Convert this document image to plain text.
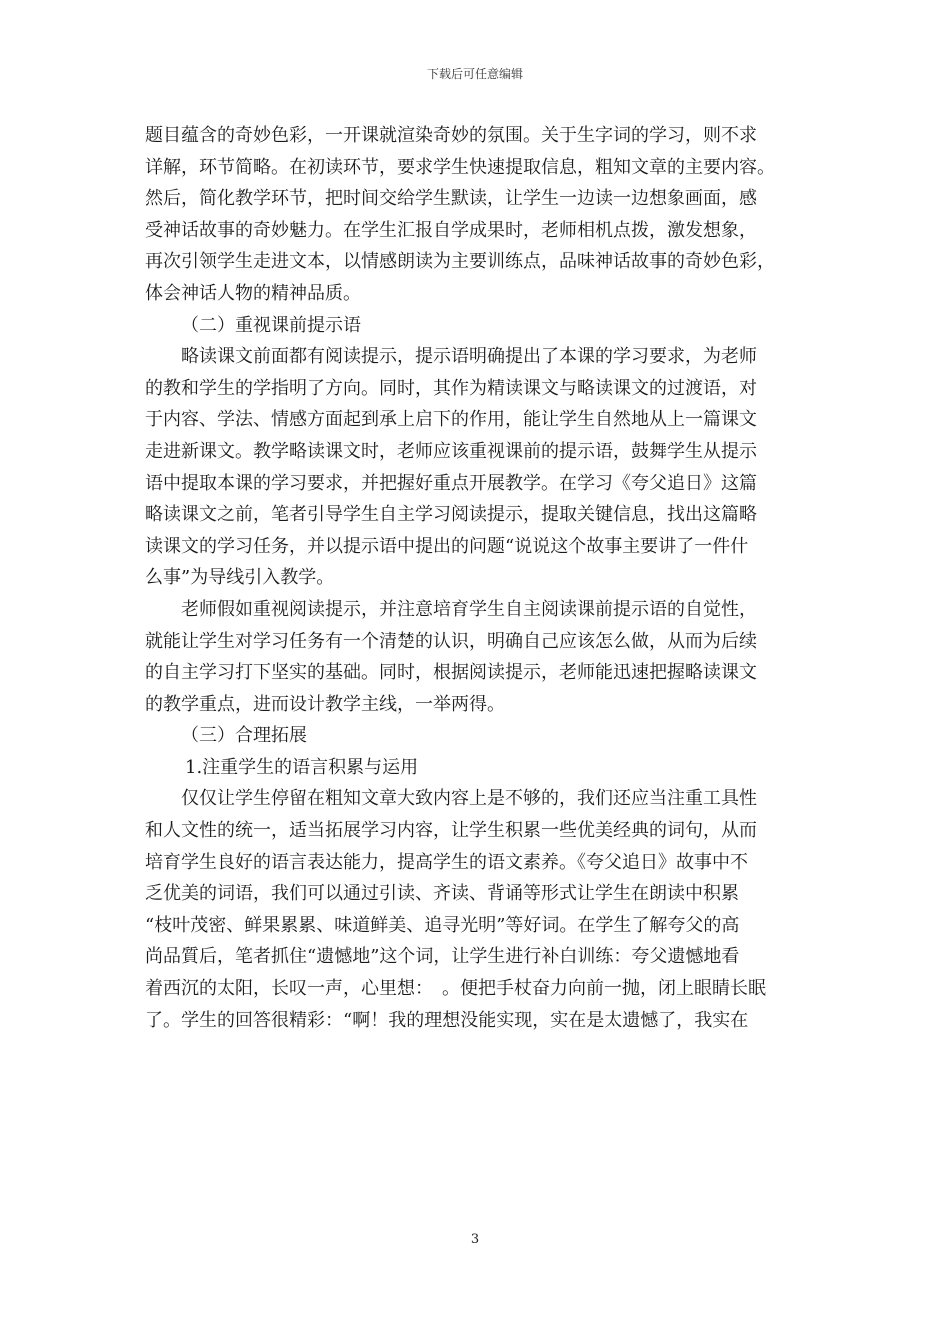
下载后可任意编辑
题目蕴含的奇妙色彩，一开课就渲染奇妙的氛围。关于生字词的学习，则不求
详解，环节简略。在初读环节，要求学生快速提取信息，粗知文章的主要内容。
然后，简化教学环节，把时间交给学生默读，让学生一边读一边想象画面，感
受神话故事的奇妙魅力。在学生汇报自学成果时，老师相机点拨，激发想象，
再次引领学生走进文本，以情感朗读为主要训练点，品味神话故事的奇妙色彩，
体会神话人物的精神品质。
（二）重视课前提示语
略读课文前面都有阅读提示，提示语明确提出了本课的学习要求，为老师
的教和学生的学指明了方向。同时，其作为精读课文与略读课文的过渡语，对
于内容、学法、情感方面起到承上启下的作用，能让学生自然地从上一篇课文
走进新课文。教学略读课文时，老师应该重视课前的提示语，鼓舞学生从提示
语中提取本课的学习要求，并把握好重点开展教学。在学习《夸父追日》这篇
略读课文之前，笔者引导学生自主学习阅读提示，提取关键信息，找出这篇略
读课文的学习任务，并以提示语中提出的问题“说说这个故事主要讲了一件什
么事”为导线引入教学。
老师假如重视阅读提示，并注意培育学生自主阅读课前提示语的自觉性，
就能让学生对学习任务有一个清楚的认识，明确自己应该怎么做，从而为后续
的自主学习打下坚实的基础。同时，根据阅读提示，老师能迅速把握略读课文
的教学重点，进而设计教学主线，一举两得。
（三）合理拓展
1.注重学生的语言积累与运用
仅仅让学生停留在粗知文章大致内容上是不够的，我们还应当注重工具性
和人文性的统一，适当拓展学习内容，让学生积累一些优美经典的词句，从而
培育学生良好的语言表达能力，提高学生的语文素养。《夸父追日》故事中不
乏优美的词语，我们可以通过引读、齐读、背诵等形式让学生在朗读中积累
“枝叶茂密、鲜果累累、味道鲜美、追寻光明”等好词。在学生了解夸父的高
尚品質后，笔者抓住“遗憾地”这个词，让学生进行补白训练：夸父遗憾地看
着西沉的太阳，长叹一声，心里想：　。便把手杖奋力向前一抛，闭上眼睛长眠
了。学生的回答很精彩：“啊！我的理想没能实现，实在是太遗憾了，我实在
3
